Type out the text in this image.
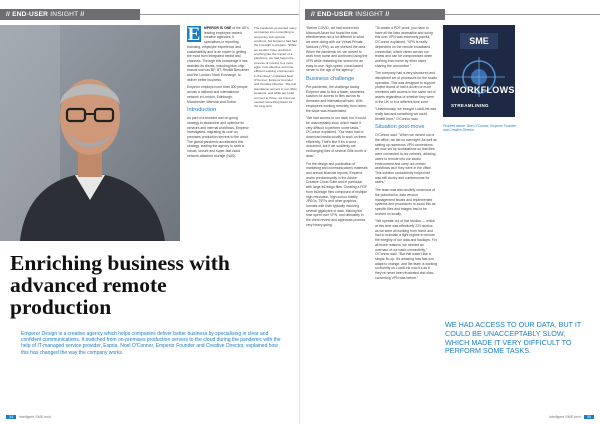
// END-USER INSIGHT //

E MPEROR IS ONE of the UK's leading employee-owned creative agencies. It specialises in reporting, branding, employee experience and sustainability and is an expert in getting the most from integrated media and channels. Through this knowledge it has assisted its clients, including blue-chip brands such as BP, BT, Reckitt Benckiser and the London Stock Exchange, to deliver better business.

Emperor employs more than 300 people across a national and international network in London, Edinburgh, Manchester, Warwick and Dubai.

Introduction

As part of a broader and on-going strategy to streamline and optimise its services and internal workflows, Emperor investigated, migrating its core on-premises production servers to the cloud. The global pandemic accelerated this strategy, leading the agency to seek a robust, secure and super-fast cloud network-attached storage (NAS).

The pandemic presented many companies into committing to temporary sub-optimal solutions, but Emperor had had the foresight to prepare. "While we couldn't have predicted anything like the impact of a pandemic, we had begun the process of moving to a more agile, cost-effective and time-efficient working environment in the cloud," explained Noel O'Connor, Emperor Founder and Creative Director. "We lost standalone servers in our office locations, and while we could connect to those, we knew we needed something faster for the long-term.

Enriching business with advanced remote production
Emperor Design is a creative agency which helps companies deliver better business by specialising in clear and confident communications. It switched from on-premises production servers to the cloud during the pandemic with the help of IT-managed service provider, Espria. Noel O'Connor, Emperor Founder and Creative Director, explained how this has changed the way the company works.
34 Intelligent SME.tech
// END-USER INSIGHT //

"Before COVID, we had looked into Microsoft Azure but found the cost-effectiveness not a lot different to what we were doing with our Virtual Private Network (VPN), so we shelved the idea. When the pandemic hit, we moved to work from home and continued using the VPN while restarting the search for an easy-to-use, high-speed, cloud-based server to the rigs of the agency."

Business challenge

Pre-pandemic, the challenge facing Emperor was to find a faster, seamless solution for access to files across its domestic and international hubs. With employees working remotely from home, the issue was exacerbated.

"We had access to our data, but it could be unacceptably slow, which made it very difficult to perform some tasks," O'Connor explained. "Our team had to download media locally to work on them efficiently. That's fine if it's a word document, but if we suddenly are exchanging files of several GBs worth of data."

For the design and publication of marketing and communications materials and annual financial reports, Emperor works predominantly in the Adobe Creative Cloud Suite and in particular with large InDesign files. Creating a PDF from InDesign files composed of multiple high-resolution, high-colour-fidelity JPEGs, TIFFs and other graphics formats with links typically involving several gigabytes of data. Making the time spent over VPN, and ultimately in the client review and approvals process very heavy-going.

"To create a PDF proof, you have to have all the links accessible and doing this over VPN was extremely painful," O'Connor explained. "VPN is really dependent on the remote broadband connection, which varies across our teams and can be compromised when working from home by other users sharing the connection."

The company had a very structured and disciplined set of processes for the studio operation. This was designed to support project teams of half a dozen or more members with access to the same set of assets regardless of whether they were in the UK or in a different time zone.

"Unanimously, we thought LucidLink was really fast and something we could benefit from," O'Connor said.

Situation post-move

O'Connor said: "When we moved out of the office, we did so overnight. As well as setting up numerous VPN connections, we now set up workstations so that files were connected to our network, allowing users to remote into our studio environment and carry out certain workflows as if they were in the office. This solution undoubtedly helped but was still clunky and cumbersome for users."

The team was also acutely conscious of the potential for data version management issues and implemented systems and procedures to avoid this as specific files and images had to be worked on locally.

"We operate out of five studios — which at this time was effectively 220 studios, as we were all working from home and had to maintain a tight regime to ensure the integrity of our data and backups. For all those reasons, we needed an overhaul of our basic connectivity," O'Connor said. "But that wasn't like a simple fix-up. It's amazing how fast you adapt to change, and the team is working so fluently on LucidLink now it's as if they've never been frustrated and slow-converting VPN was before."

SME
STREAMLINING
WORKFLOWS
Pictured above: Noel O'Connor, Emperor Founder and Creative Director
WE HAD ACCESS TO OUR DATA, BUT IT COULD BE UNACCEPTABLY SLOW, WHICH MADE IT VERY DIFFICULT TO PERFORM SOME TASKS.
Intelligent SME.tech 35
